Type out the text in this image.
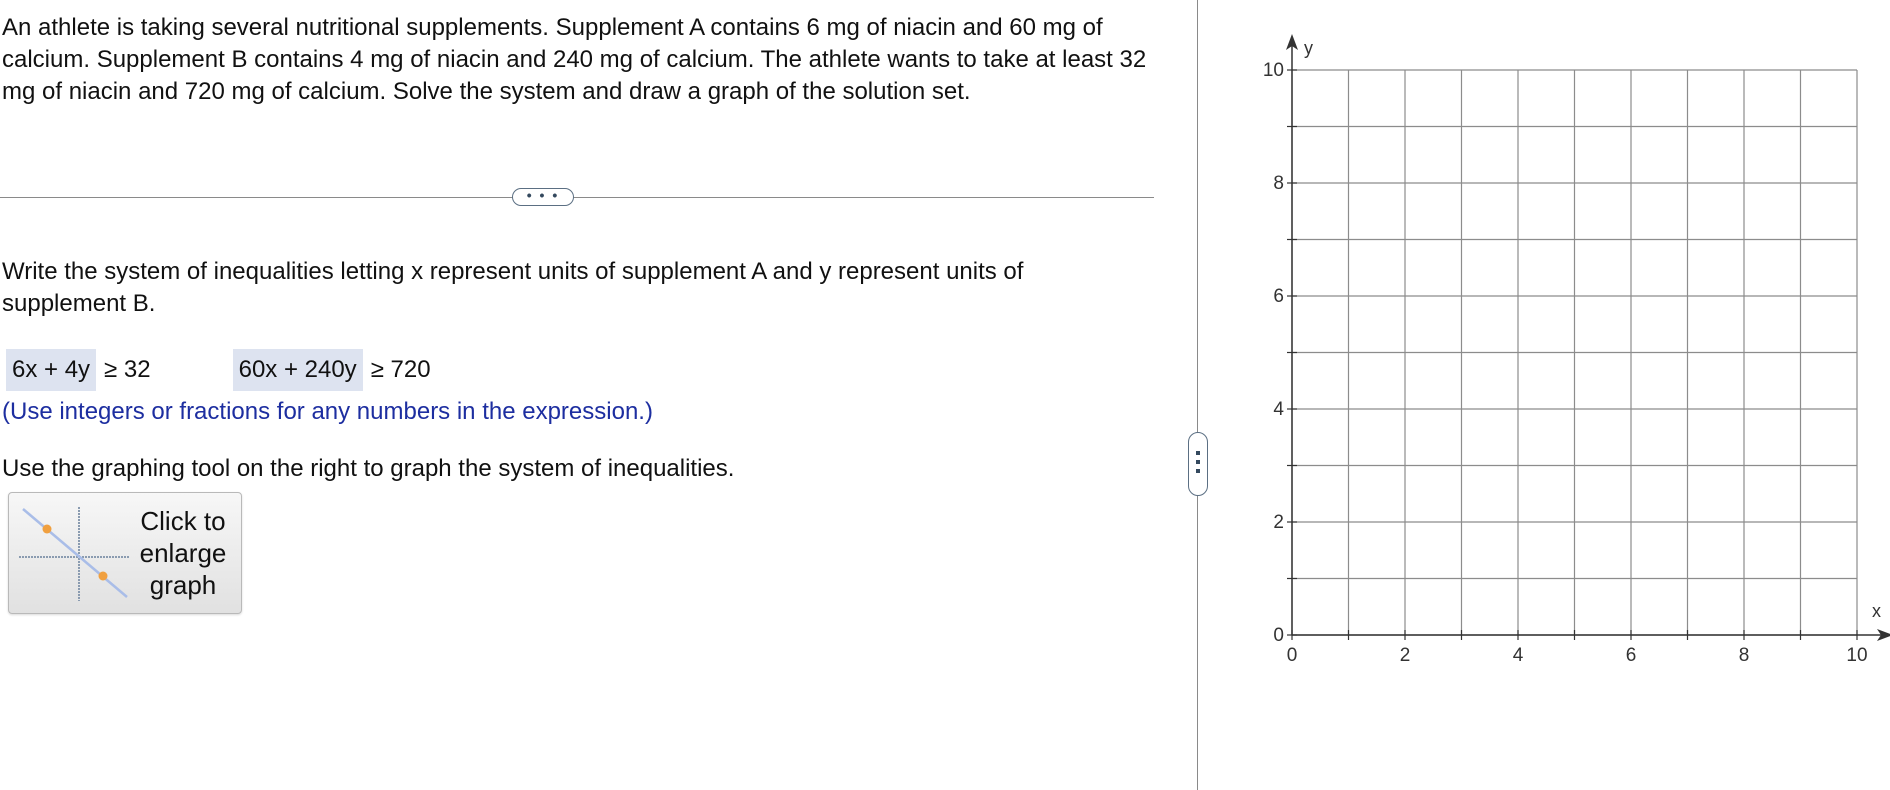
An athlete is taking several nutritional supplements. Supplement A contains 6 mg of niacin and 60 mg of calcium. Supplement B contains 4 mg of niacin and 240 mg of calcium. The athlete wants to take at least 32 mg of niacin and 720 mg of calcium. Solve the system and draw a graph of the solution set.

• • •

Write the system of inequalities letting x represent units of supplement A and y represent units of supplement B.

6x + 4y ≥ 32	60x + 240y ≥ 720

(Use integers or fractions for any numbers in the expression.)

Use the graphing tool on the right to graph the system of inequalities.

Click to
enlarge
graph
0	2	4	6	8	10
0
2
4
6
8
10
x
y
